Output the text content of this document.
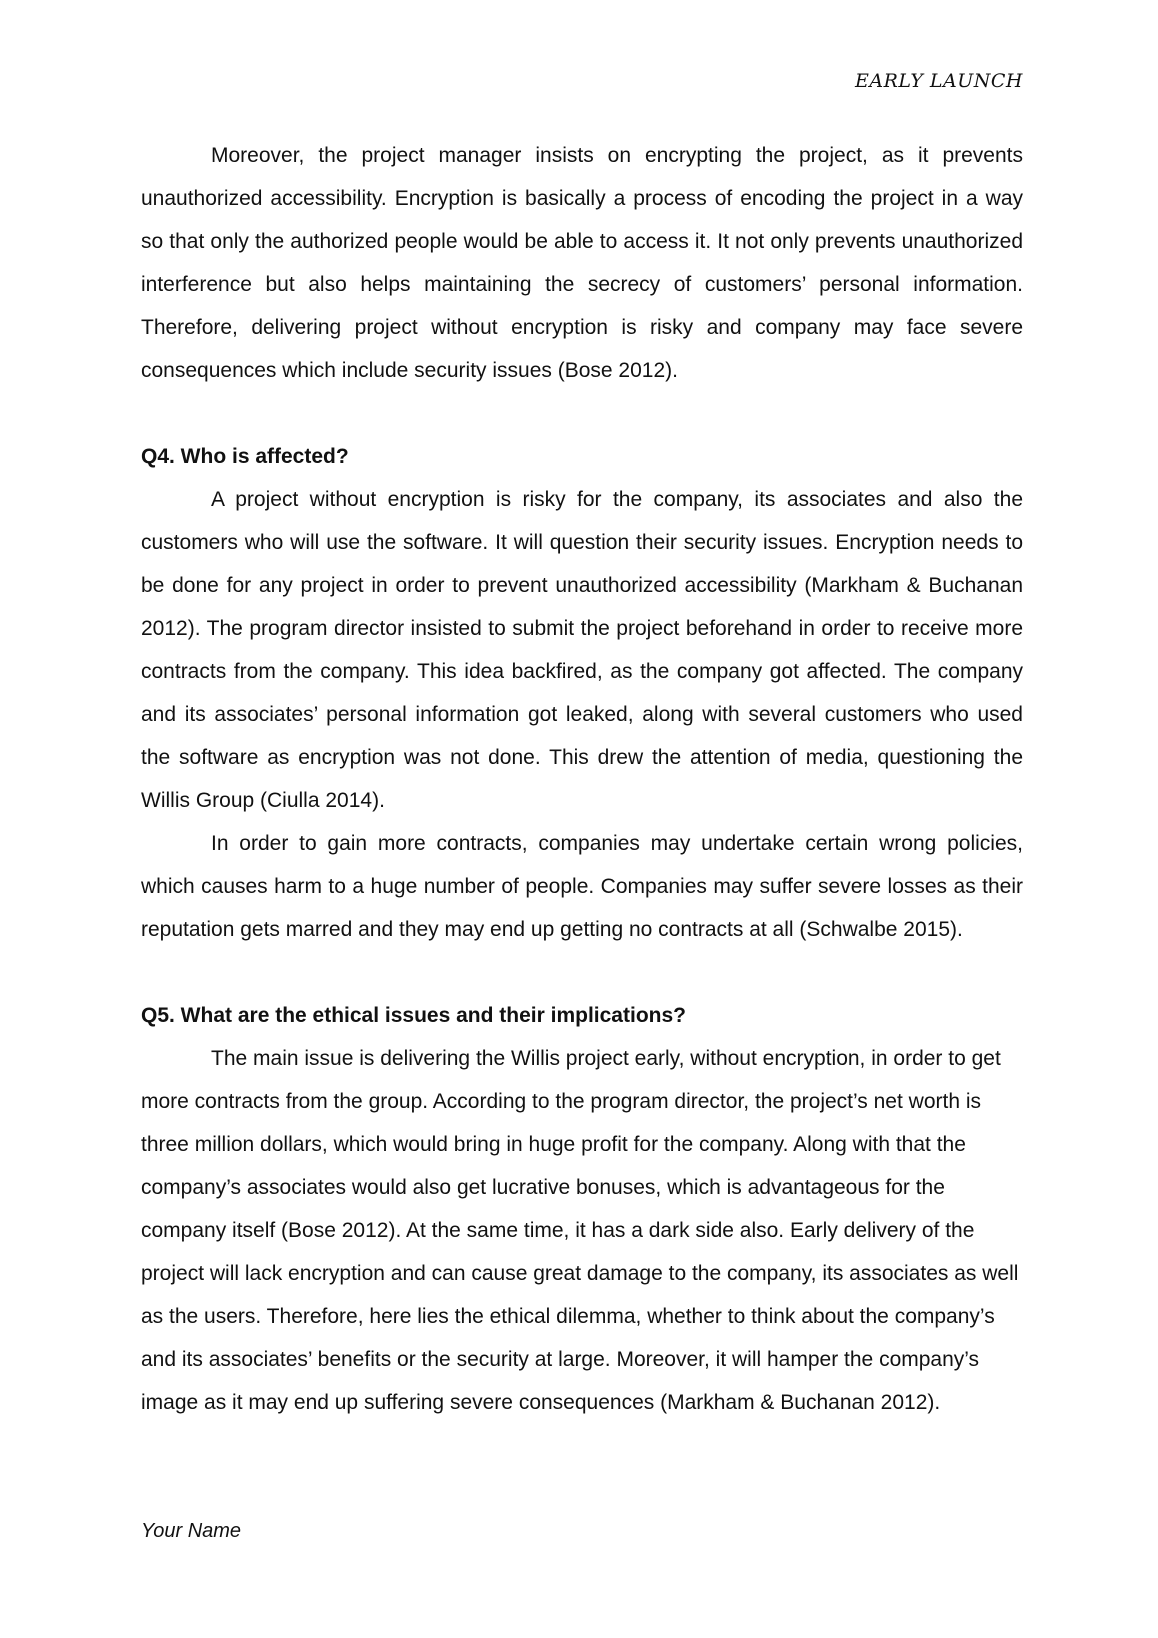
EARLY LAUNCH

Moreover, the project manager insists on encrypting the project, as it prevents unauthorized accessibility. Encryption is basically a process of encoding the project in a way so that only the authorized people would be able to access it. It not only prevents unauthorized interference but also helps maintaining the secrecy of customers’ personal information. Therefore, delivering project without encryption is risky and company may face severe consequences which include security issues (Bose 2012).

Q4. Who is affected?

A project without encryption is risky for the company, its associates and also the customers who will use the software. It will question their security issues. Encryption needs to be done for any project in order to prevent unauthorized accessibility (Markham & Buchanan 2012). The program director insisted to submit the project beforehand in order to receive more contracts from the company. This idea backfired, as the company got affected. The company and its associates’ personal information got leaked, along with several customers who used the software as encryption was not done. This drew the attention of media, questioning the Willis Group (Ciulla 2014).

In order to gain more contracts, companies may undertake certain wrong policies, which causes harm to a huge number of people. Companies may suffer severe losses as their reputation gets marred and they may end up getting no contracts at all (Schwalbe 2015).

Q5. What are the ethical issues and their implications?

The main issue is delivering the Willis project early, without encryption, in order to get more contracts from the group. According to the program director, the project’s net worth is three million dollars, which would bring in huge profit for the company. Along with that the company’s associates would also get lucrative bonuses, which is advantageous for the company itself (Bose 2012). At the same time, it has a dark side also. Early delivery of the project will lack encryption and can cause great damage to the company, its associates as well as the users. Therefore, here lies the ethical dilemma, whether to think about the company’s and its associates’ benefits or the security at large. Moreover, it will hamper the company’s image as it may end up suffering severe consequences (Markham & Buchanan 2012).

Your Name
